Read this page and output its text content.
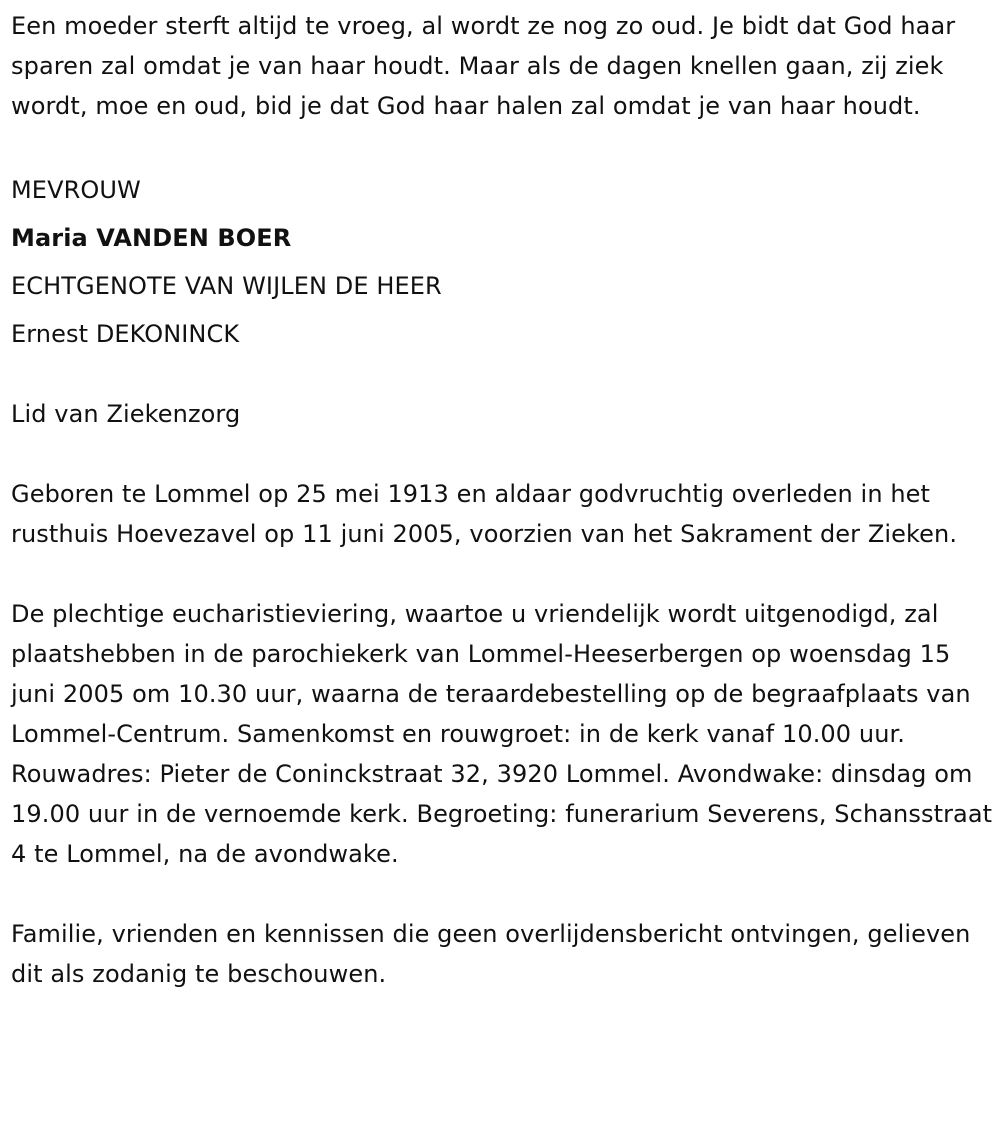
Een moeder sterft altijd te vroeg, al wordt ze nog zo oud. Je bidt dat God haar sparen zal omdat je van haar houdt. Maar als de dagen knellen gaan, zij ziek wordt, moe en oud, bid je dat God haar halen zal omdat je van haar houdt.

MEVROUW

Maria VANDEN BOER

ECHTGENOTE VAN WIJLEN DE HEER

Ernest DEKONINCK

Lid van Ziekenzorg

Geboren te Lommel op 25 mei 1913 en aldaar godvruchtig overleden in het rusthuis Hoevezavel op 11 juni 2005, voorzien van het Sakrament der Zieken.

De plechtige eucharistieviering, waartoe u vriendelijk wordt uitgenodigd, zal plaatshebben in de parochiekerk van Lommel-Heeserbergen op woensdag 15 juni 2005 om 10.30 uur, waarna de teraardebestelling op de begraafplaats van Lommel-Centrum. Samenkomst en rouwgroet: in de kerk vanaf 10.00 uur. Rouwadres: Pieter de Coninckstraat 32, 3920 Lommel. Avondwake: dinsdag om 19.00 uur in de vernoemde kerk. Begroeting: funerarium Severens, Schansstraat 4 te Lommel, na de avondwake.

Familie, vrienden en kennissen die geen overlijdensbericht ontvingen, gelieven dit als zodanig te beschouwen.
